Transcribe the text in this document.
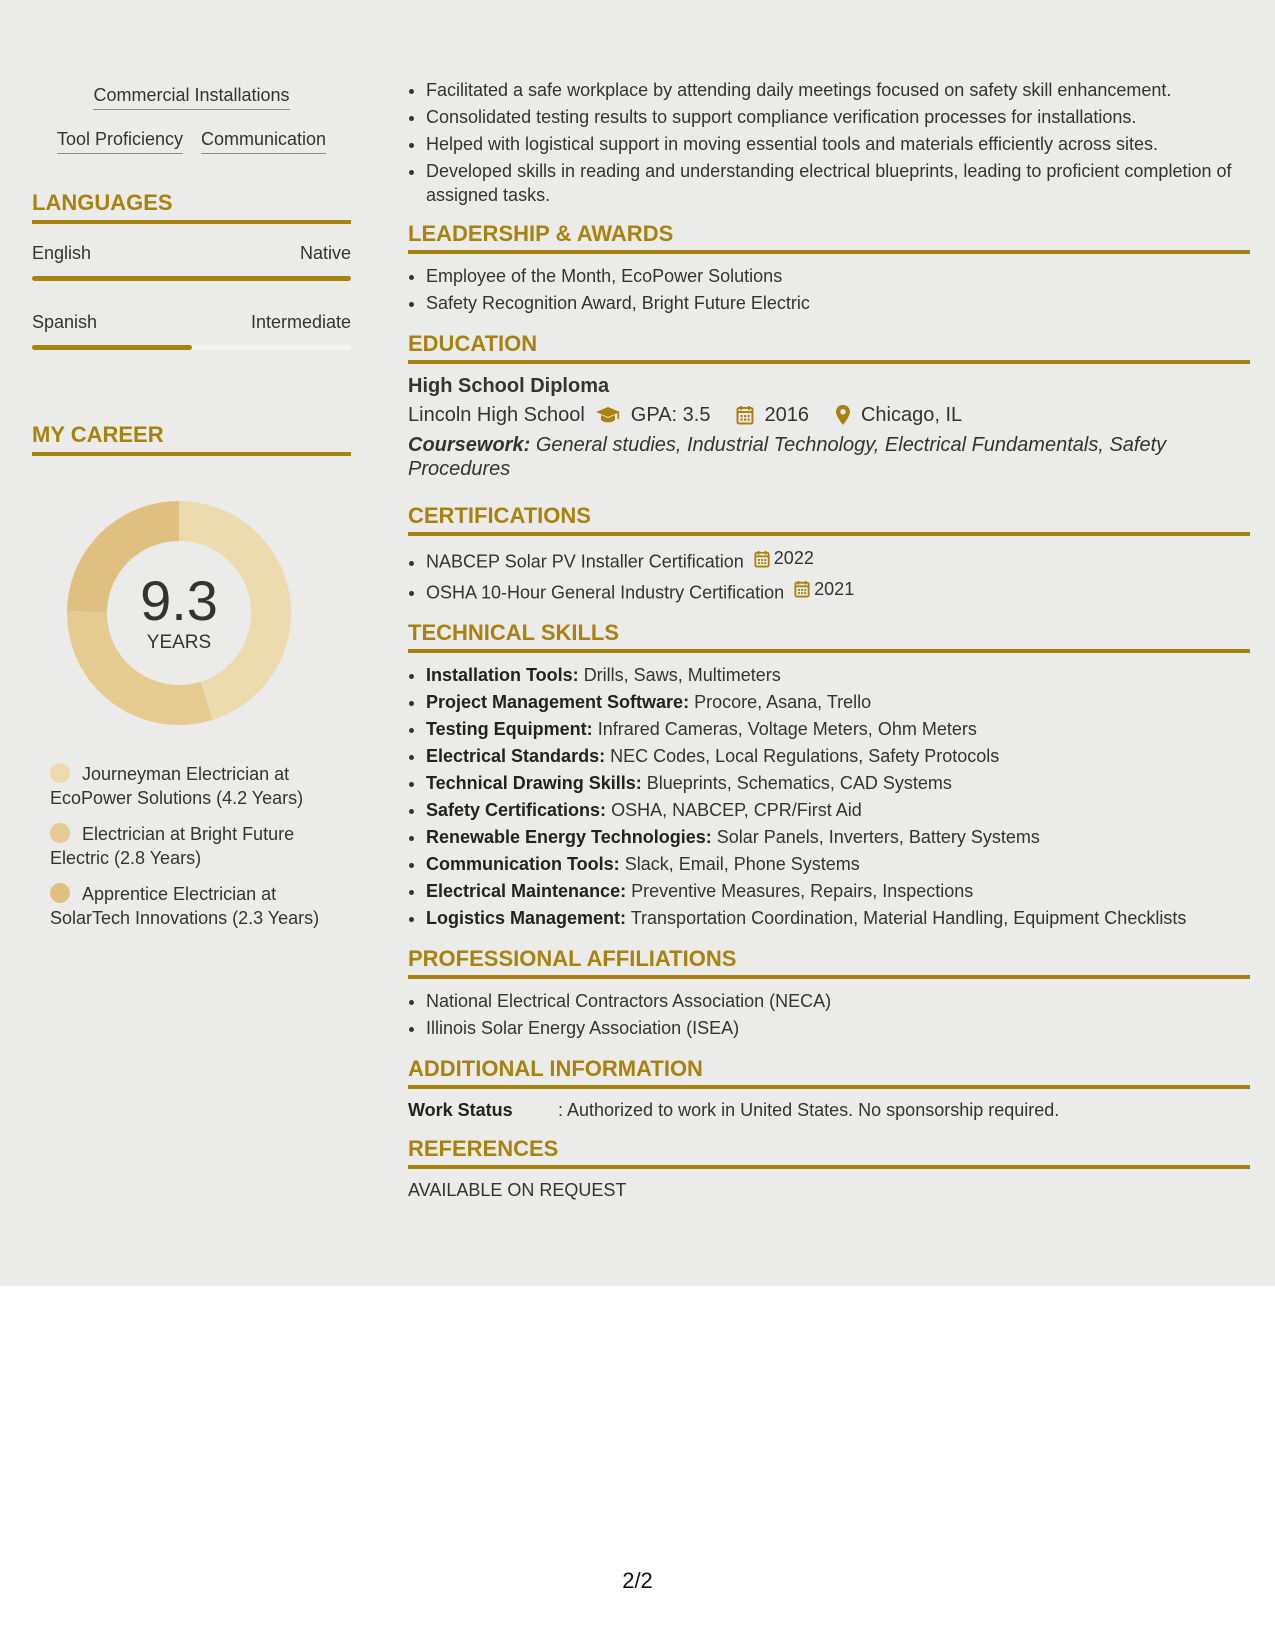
Commercial Installations
Tool Proficiency Communication
LANGUAGES
English	Native
Spanish	Intermediate
MY CAREER
9.3
YEARS
Journeyman Electrician at EcoPower Solutions (4.2 Years)
Electrician at Bright Future Electric (2.8 Years)
Apprentice Electrician at SolarTech Innovations (2.3 Years)
• Facilitated a safe workplace by attending daily meetings focused on safety skill enhancement.
• Consolidated testing results to support compliance verification processes for installations.
• Helped with logistical support in moving essential tools and materials efficiently across sites.
• Developed skills in reading and understanding electrical blueprints, leading to proficient completion of assigned tasks.
LEADERSHIP & AWARDS
• Employee of the Month, EcoPower Solutions
• Safety Recognition Award, Bright Future Electric
EDUCATION
High School Diploma
Lincoln High School GPA: 3.5	2016	Chicago, IL
Coursework: General studies, Industrial Technology, Electrical Fundamentals, Safety Procedures
CERTIFICATIONS
• NABCEP Solar PV Installer Certification 2022
• OSHA 10-Hour General Industry Certification 2021
TECHNICAL SKILLS
• Installation Tools: Drills, Saws, Multimeters
• Project Management Software: Procore, Asana, Trello
• Testing Equipment: Infrared Cameras, Voltage Meters, Ohm Meters
• Electrical Standards: NEC Codes, Local Regulations, Safety Protocols
• Technical Drawing Skills: Blueprints, Schematics, CAD Systems
• Safety Certifications: OSHA, NABCEP, CPR/First Aid
• Renewable Energy Technologies: Solar Panels, Inverters, Battery Systems
• Communication Tools: Slack, Email, Phone Systems
• Electrical Maintenance: Preventive Measures, Repairs, Inspections
• Logistics Management: Transportation Coordination, Material Handling, Equipment Checklists
PROFESSIONAL AFFILIATIONS
• National Electrical Contractors Association (NECA)
• Illinois Solar Energy Association (ISEA)
ADDITIONAL INFORMATION
Work Status	: Authorized to work in United States. No sponsorship required.
REFERENCES
AVAILABLE ON REQUEST
2/2
